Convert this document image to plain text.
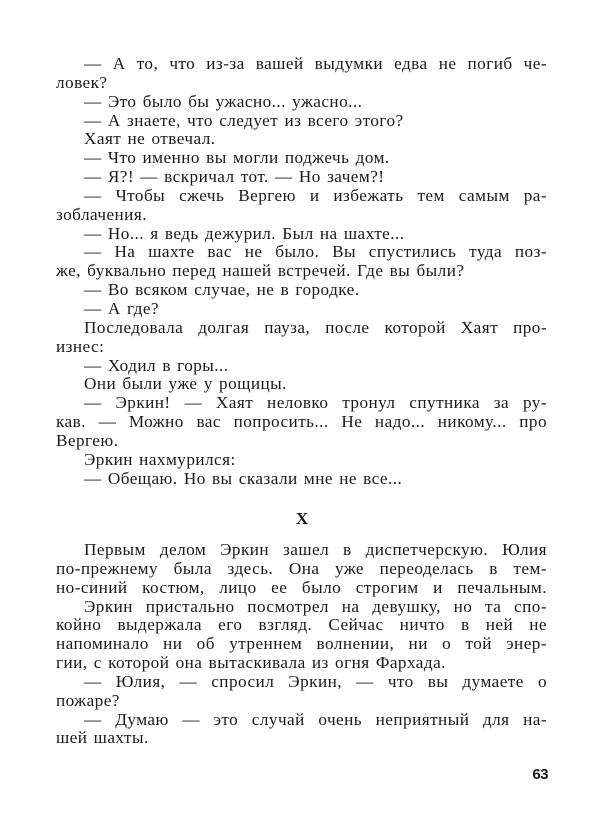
— А то, что из-за вашей выдумки едва не погиб че-
ловек?
— Это было бы ужасно... ужасно...
— А знаете, что следует из всего этого?
Хаят не отвечал.
— Что именно вы могли поджечь дом.
— Я?! — вскричал тот. — Но зачем?!
— Чтобы сжечь Вергею и избежать тем самым ра-
зоблачения.
— Но... я ведь дежурил. Был на шахте...
— На шахте вас не было. Вы спустились туда поз-
же, буквально перед нашей встречей. Где вы были?
— Во всяком случае, не в городке.
— А где?
Последовала долгая пауза, после которой Хаят про-
изнес:
— Ходил в горы...
Они были уже у рощицы.
— Эркин! — Хаят неловко тронул спутника за ру-
кав. — Можно вас попросить... Не надо... никому... про
Вергею.
Эркин нахмурился:
— Обещаю. Но вы сказали мне не все...
X
Первым делом Эркин зашел в диспетчерскую. Юлия
по-прежнему была здесь. Она уже переоделась в тем-
но-синий костюм, лицо ее было строгим и печальным.
Эркин пристально посмотрел на девушку, но та спо-
койно выдержала его взгляд. Сейчас ничто в ней не
напоминало ни об утреннем волнении, ни о той энер-
гии, с которой она вытаскивала из огня Фархада.
— Юлия, — спросил Эркин, — что вы думаете о
пожаре?
— Думаю — это случай очень неприятный для на-
шей шахты.
63
